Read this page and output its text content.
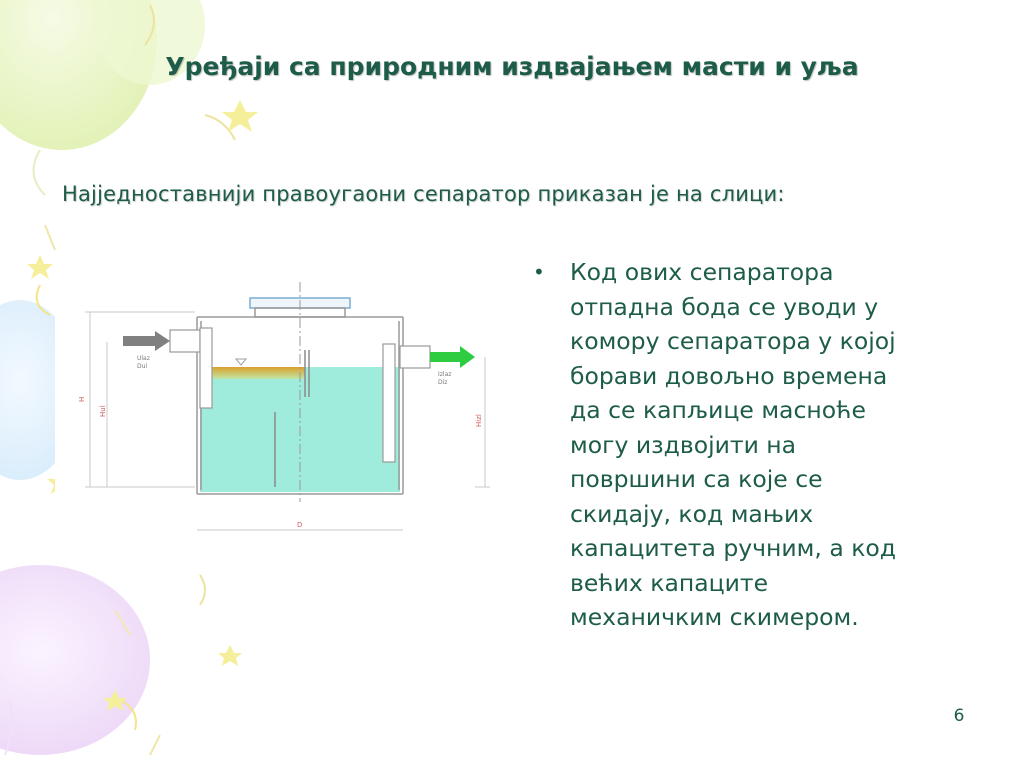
Уређаји са природним издвајањем масти и уља
Најједноставнији правоугаони сепаратор приказан је на слици:
Ulaz
Dul
Izlaz
Diz
H
Hul
Hizl
D
• Код ових сепаратора
отпадна бода се уводи у
комору сепаратора у којој
борави довољно времена
да се капљице масноће
могу издвојити на
површини са које се
скидају, код мањих
капацитета ручним, а код
већих капаците
механичким скимером.
6
